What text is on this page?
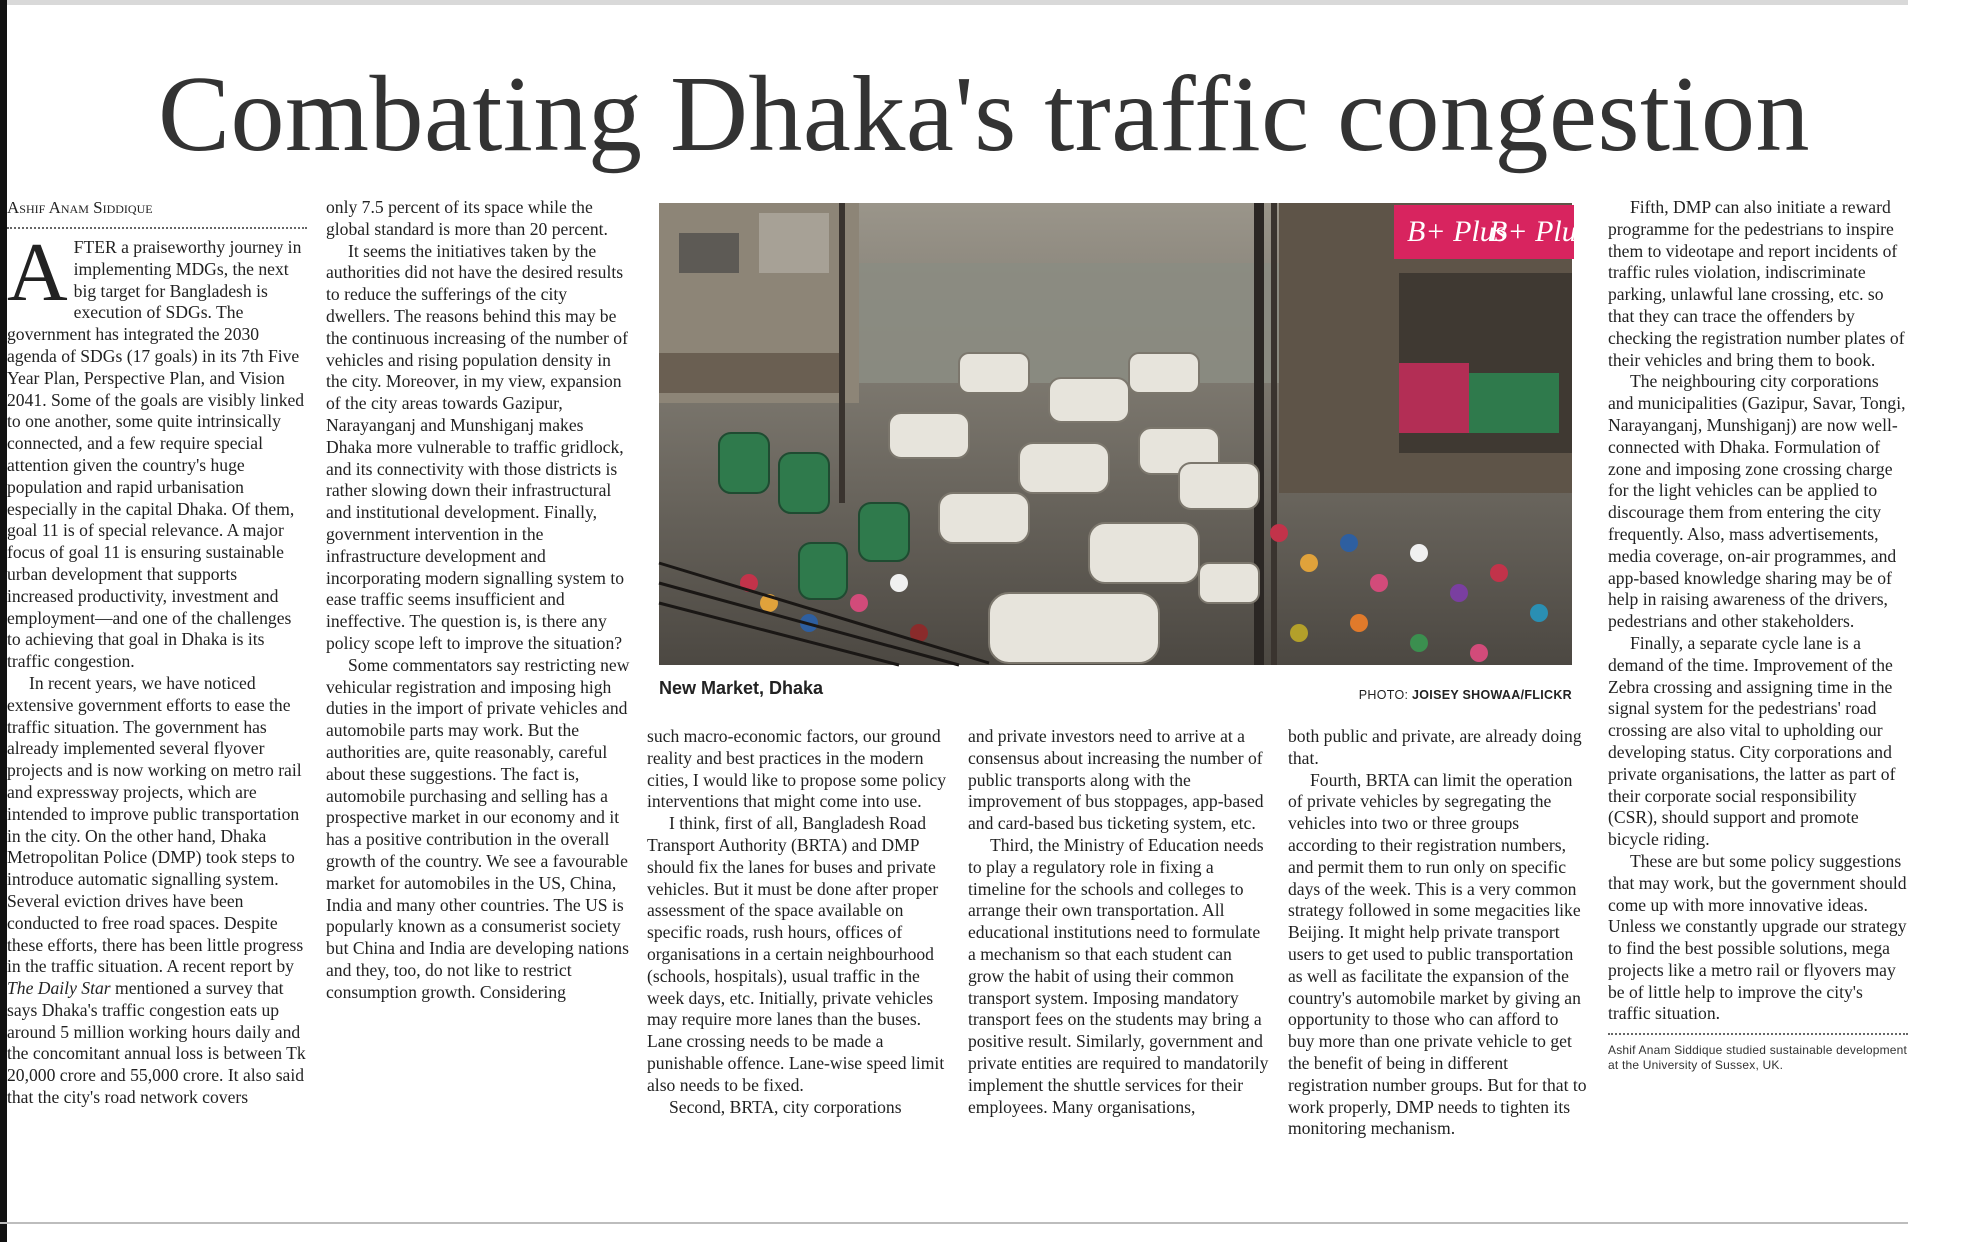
Combating Dhaka's traffic congestion
Ashif Anam Siddique

AFTER a praiseworthy journey in implementing MDGs, the next big target for Bangladesh is execution of SDGs. The government has integrated the 2030 agenda of SDGs (17 goals) in its 7th Five Year Plan, Perspective Plan, and Vision 2041. Some of the goals are visibly linked to one another, some quite intrinsically connected, and a few require special attention given the country's huge population and rapid urbanisation especially in the capital Dhaka. Of them, goal 11 is of special relevance. A major focus of goal 11 is ensuring sustainable urban development that supports increased productivity, investment and employment—and one of the challenges to achieving that goal in Dhaka is its traffic congestion.

In recent years, we have noticed extensive government efforts to ease the traffic situation. The government has already implemented several flyover projects and is now working on metro rail and expressway projects, which are intended to improve public transportation in the city. On the other hand, Dhaka Metropolitan Police (DMP) took steps to introduce automatic signalling system. Several eviction drives have been conducted to free road spaces. Despite these efforts, there has been little progress in the traffic situation. A recent report by The Daily Star mentioned a survey that says Dhaka's traffic congestion eats up around 5 million working hours daily and the concomitant annual loss is between Tk 20,000 crore and 55,000 crore. It also said that the city's road network covers

only 7.5 percent of its space while the global standard is more than 20 percent.

It seems the initiatives taken by the authorities did not have the desired results to reduce the sufferings of the city dwellers. The reasons behind this may be the continuous increasing of the number of vehicles and rising population density in the city. Moreover, in my view, expansion of the city areas towards Gazipur, Narayanganj and Munshiganj makes Dhaka more vulnerable to traffic gridlock, and its connectivity with those districts is rather slowing down their infrastructural and institutional development. Finally, government intervention in the infrastructure development and incorporating modern signalling system to ease traffic seems insufficient and ineffective. The question is, is there any policy scope left to improve the situation?

Some commentators say restricting new vehicular registration and imposing high duties in the import of private vehicles and automobile parts may work. But the authorities are, quite reasonably, careful about these suggestions. The fact is, automobile purchasing and selling has a prospective market in our economy and it has a positive contribution in the overall growth of the country. We see a favourable market for automobiles in the US, China, India and many other countries. The US is popularly known as a consumerist society but China and India are developing nations and they, too, do not like to restrict consumption growth. Considering

B+ Plus
B+ Plus
New Market, Dhaka	PHOTO: JOISEY SHOWAA/FLICKR

such macro-economic factors, our ground reality and best practices in the modern cities, I would like to propose some policy interventions that might come into use.

I think, first of all, Bangladesh Road Transport Authority (BRTA) and DMP should fix the lanes for buses and private vehicles. But it must be done after proper assessment of the space available on specific roads, rush hours, offices of organisations in a certain neighbourhood (schools, hospitals), usual traffic in the week days, etc. Initially, private vehicles may require more lanes than the buses. Lane crossing needs to be made a punishable offence. Lane-wise speed limit also needs to be fixed.

Second, BRTA, city corporations

and private investors need to arrive at a consensus about increasing the number of public transports along with the improvement of bus stoppages, app-based and card-based bus ticketing system, etc.

Third, the Ministry of Education needs to play a regulatory role in fixing a timeline for the schools and colleges to arrange their own transportation. All educational institutions need to formulate a mechanism so that each student can grow the habit of using their common transport system. Imposing mandatory transport fees on the students may bring a positive result. Similarly, government and private entities are required to mandatorily implement the shuttle services for their employees. Many organisations,

both public and private, are already doing that.

Fourth, BRTA can limit the operation of private vehicles by segregating the vehicles into two or three groups according to their registration numbers, and permit them to run only on specific days of the week. This is a very common strategy followed in some megacities like Beijing. It might help private transport users to get used to public transportation as well as facilitate the expansion of the country's automobile market by giving an opportunity to those who can afford to buy more than one private vehicle to get the benefit of being in different registration number groups. But for that to work properly, DMP needs to tighten its monitoring mechanism.

Fifth, DMP can also initiate a reward programme for the pedestrians to inspire them to videotape and report incidents of traffic rules violation, indiscriminate parking, unlawful lane crossing, etc. so that they can trace the offenders by checking the registration number plates of their vehicles and bring them to book.

The neighbouring city corporations and municipalities (Gazipur, Savar, Tongi, Narayanganj, Munshiganj) are now well-connected with Dhaka. Formulation of zone and imposing zone crossing charge for the light vehicles can be applied to discourage them from entering the city frequently. Also, mass advertisements, media coverage, on-air programmes, and app-based knowledge sharing may be of help in raising awareness of the drivers, pedestrians and other stakeholders.

Finally, a separate cycle lane is a demand of the time. Improvement of the Zebra crossing and assigning time in the signal system for the pedestrians' road crossing are also vital to upholding our developing status. City corporations and private organisations, the latter as part of their corporate social responsibility (CSR), should support and promote bicycle riding.

These are but some policy suggestions that may work, but the government should come up with more innovative ideas. Unless we constantly upgrade our strategy to find the best possible solutions, mega projects like a metro rail or flyovers may be of little help to improve the city's traffic situation.

Ashif Anam Siddique studied sustainable development at the University of Sussex, UK.
